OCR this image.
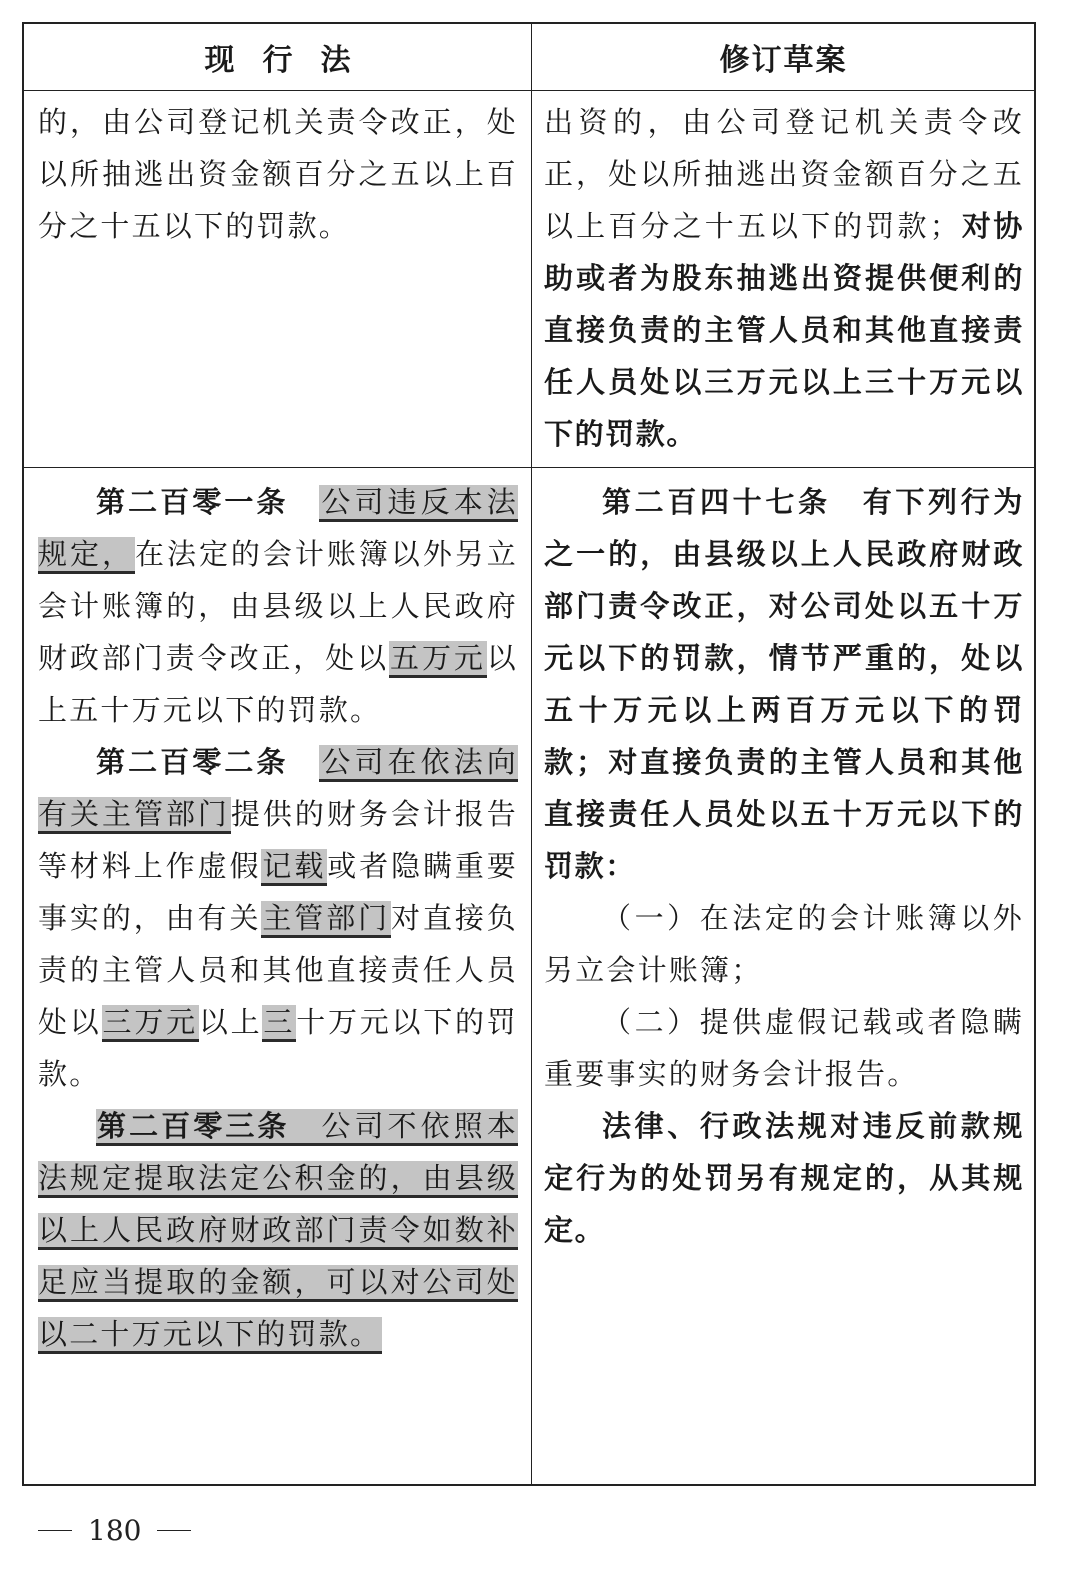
现行法	修订草案

的，由公司登记机关责令改正，处以所抽逃出资金额百分之五以上百分之十五以下的罚款。

出资的，由公司登记机关责令改正，处以所抽逃出资金额百分之五以上百分之十五以下的罚款；对协助或者为股东抽逃出资提供便利的直接负责的主管人员和其他直接责任人员处以三万元以上三十万元以下的罚款。

第二百零一条 公司违反本法规定，在法定的会计账簿以外另立会计账簿的，由县级以上人民政府财政部门责令改正，处以五万元以上五十万元以下的罚款。

第二百零二条 公司在依法向有关主管部门提供的财务会计报告等材料上作虚假记载或者隐瞒重要事实的，由有关主管部门对直接负责的主管人员和其他直接责任人员处以三万元以上三十万元以下的罚款。

第二百零三条 公司不依照本法规定提取法定公积金的，由县级以上人民政府财政部门责令如数补足应当提取的金额，可以对公司处以二十万元以下的罚款。

第二百四十七条 有下列行为之一的，由县级以上人民政府财政部门责令改正，对公司处以五十万元以下的罚款，情节严重的，处以五十万元以上两百万元以下的罚款；对直接负责的主管人员和其他直接责任人员处以五十万元以下的罚款：

（一）在法定的会计账簿以外另立会计账簿；

（二）提供虚假记载或者隐瞒重要事实的财务会计报告。

法律、行政法规对违反前款规定行为的处罚另有规定的，从其规定。

180
